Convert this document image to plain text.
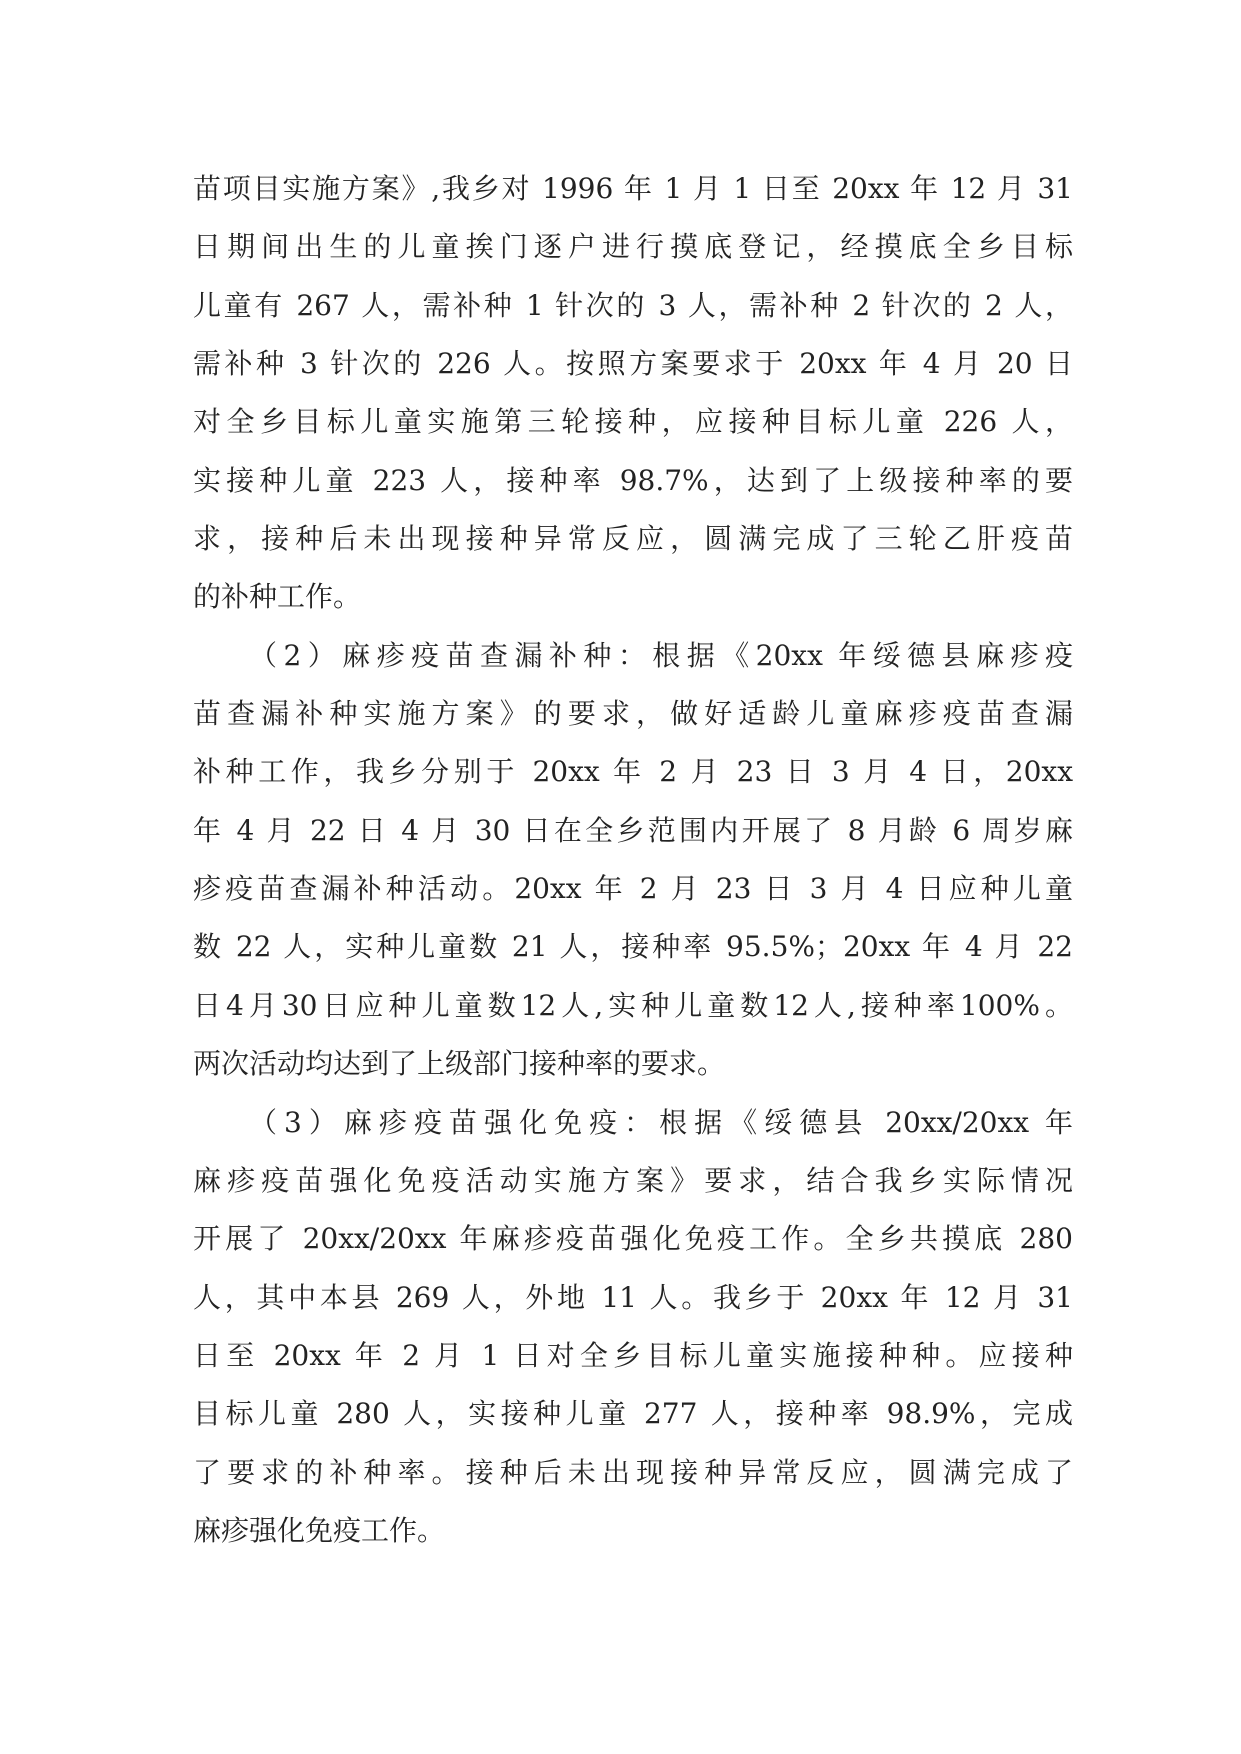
苗项目实施方案》,我乡对 1996 年 1 月 1 日至 20xx 年 12 月 31
日期间出生的儿童挨门逐户进行摸底登记，经摸底全乡目标
儿童有 267 人，需补种 1 针次的 3 人，需补种 2 针次的 2 人，
需补种 3 针次的 226 人。按照方案要求于 20xx 年 4 月 20 日
对全乡目标儿童实施第三轮接种，应接种目标儿童 226 人，
实接种儿童 223 人，接种率 98.7%，达到了上级接种率的要
求，接种后未出现接种异常反应，圆满完成了三轮乙肝疫苗
的补种工作。
（2）麻疹疫苗查漏补种：根据《20xx 年绥德县麻疹疫
苗查漏补种实施方案》的要求，做好适龄儿童麻疹疫苗查漏
补种工作，我乡分别于 20xx 年 2 月 23 日 3 月 4 日，20xx
年 4 月 22 日 4 月 30 日在全乡范围内开展了 8 月龄 6 周岁麻
疹疫苗查漏补种活动。20xx 年 2 月 23 日 3 月 4 日应种儿童
数 22 人，实种儿童数 21 人，接种率 95.5%；20xx 年 4 月 22
日4月30日应种儿童数12人,实种儿童数12人,接种率100%。
两次活动均达到了上级部门接种率的要求。
（3）麻疹疫苗强化免疫：根据《绥德县 20xx/20xx 年
麻疹疫苗强化免疫活动实施方案》要求，结合我乡实际情况
开展了 20xx/20xx 年麻疹疫苗强化免疫工作。全乡共摸底 280
人，其中本县 269 人，外地 11 人。我乡于 20xx 年 12 月 31
日至 20xx 年 2 月 1 日对全乡目标儿童实施接种种。应接种
目标儿童 280 人，实接种儿童 277 人，接种率 98.9%，完成
了要求的补种率。接种后未出现接种异常反应，圆满完成了
麻疹强化免疫工作。
